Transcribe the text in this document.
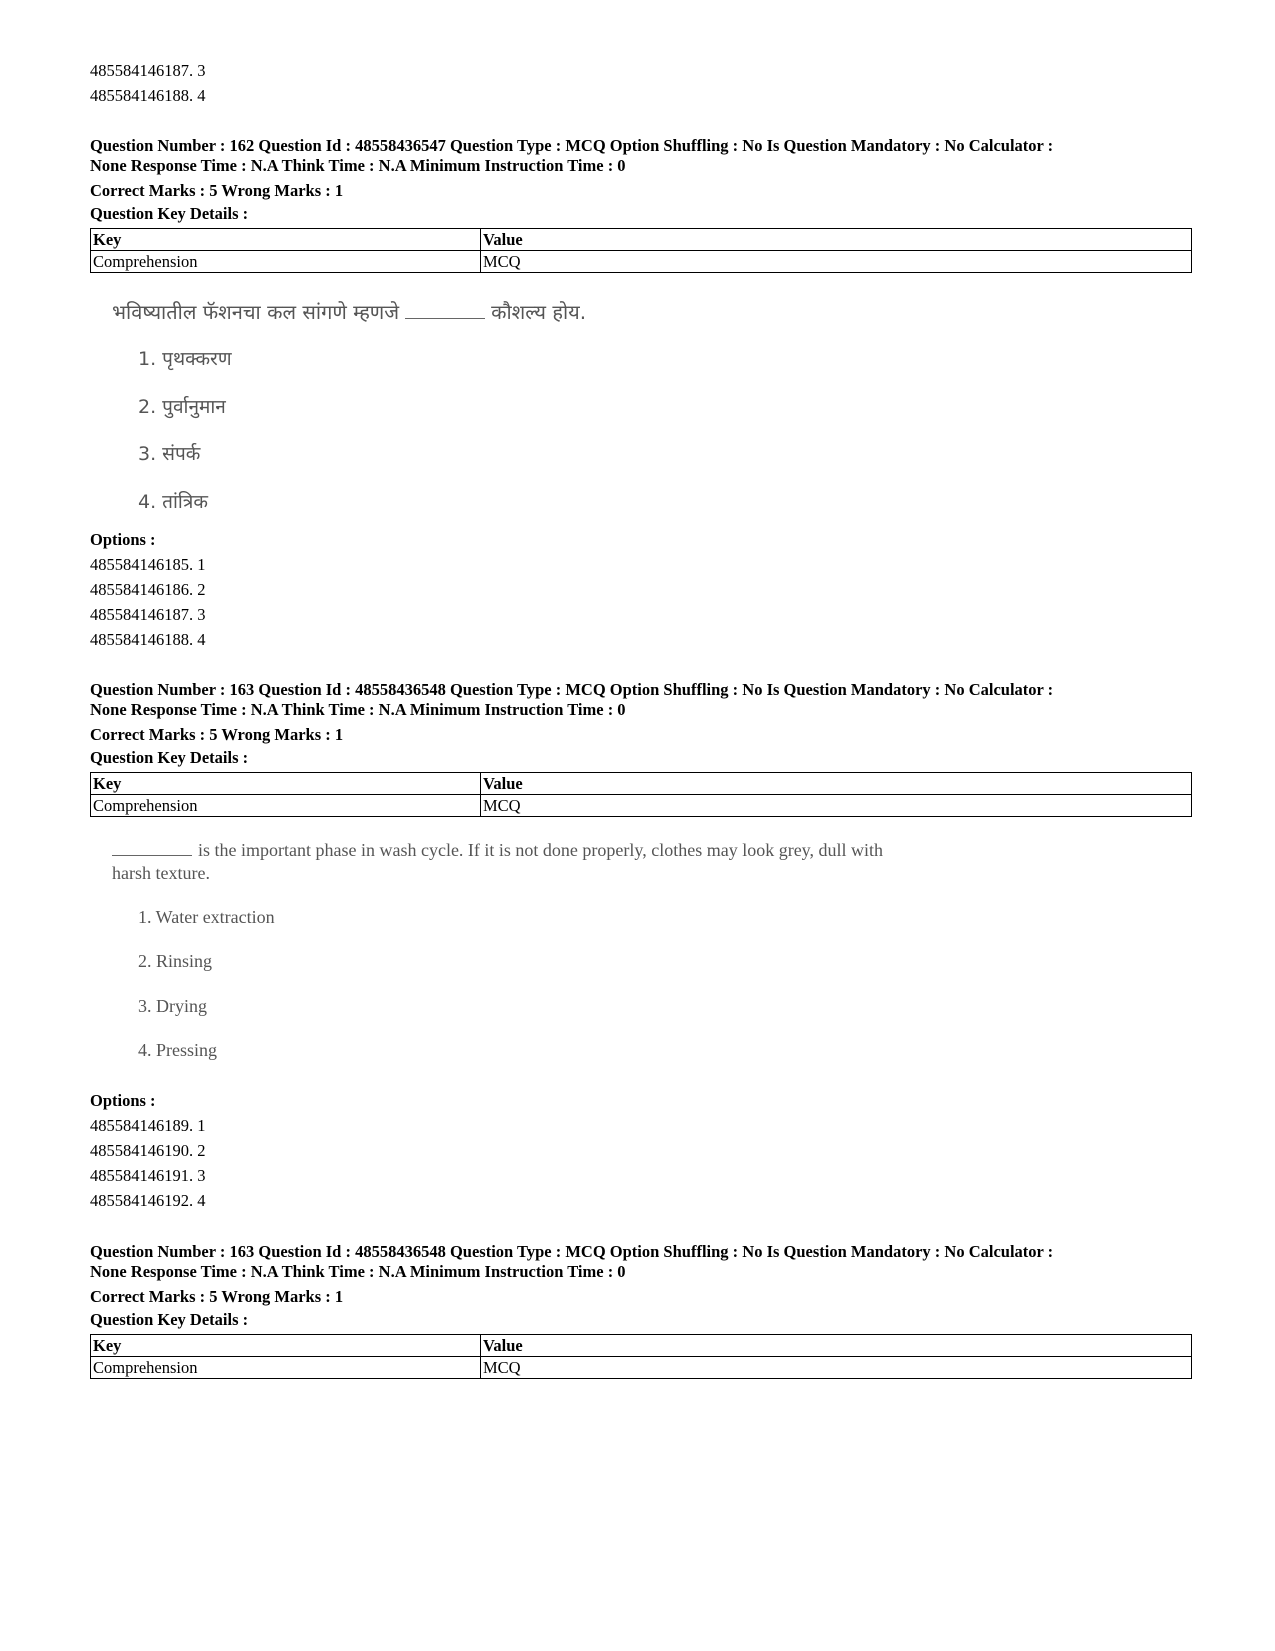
485584146187. 3
485584146188. 4
Question Number : 162 Question Id : 48558436547 Question Type : MCQ Option Shuffling : No Is Question Mandatory : No Calculator :
None Response Time : N.A Think Time : N.A Minimum Instruction Time : 0
Correct Marks : 5 Wrong Marks : 1
Question Key Details :
Key	Value
Comprehension	MCQ
भविष्यातील फॅशनचा कल सांगणे म्हणजे	कौशल्य होय.
1. पृथक्करण
2. पुर्वानुमान
3. संपर्क
4. तांत्रिक
Options :
485584146185. 1
485584146186. 2
485584146187. 3
485584146188. 4
Question Number : 163 Question Id : 48558436548 Question Type : MCQ Option Shuffling : No Is Question Mandatory : No Calculator :
None Response Time : N.A Think Time : N.A Minimum Instruction Time : 0
Correct Marks : 5 Wrong Marks : 1
Question Key Details :
Key	Value
Comprehension	MCQ
is the important phase in wash cycle. If it is not done properly, clothes may look grey, dull with
harsh texture.
1. Water extraction
2. Rinsing
3. Drying
4. Pressing
Options :
485584146189. 1
485584146190. 2
485584146191. 3
485584146192. 4
Question Number : 163 Question Id : 48558436548 Question Type : MCQ Option Shuffling : No Is Question Mandatory : No Calculator :
None Response Time : N.A Think Time : N.A Minimum Instruction Time : 0
Correct Marks : 5 Wrong Marks : 1
Question Key Details :
Key	Value
Comprehension	MCQ
